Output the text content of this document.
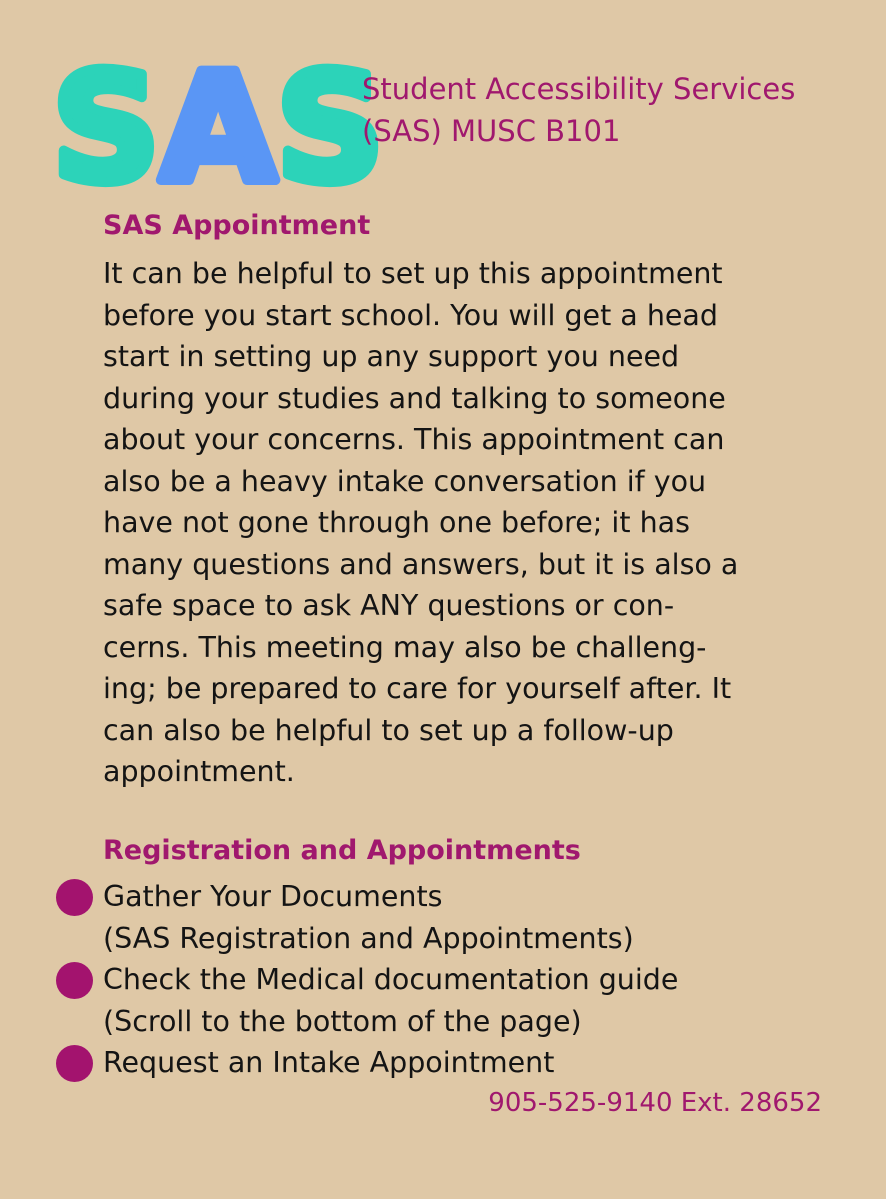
SAS
Student Accessibility Services
(SAS) MUSC B101
SAS Appointment
It can be helpful to set up this appointment
before you start school. You will get a head
start in setting up any support you need
during your studies and talking to someone
about your concerns. This appointment can
also be a heavy intake conversation if you
have not gone through one before; it has
many questions and answers, but it is also a
safe space to ask ANY questions or con-
cerns. This meeting may also be challeng-
ing; be prepared to care for yourself after. It
can also be helpful to set up a follow-up
appointment.
Registration and Appointments
Gather Your Documents
(SAS Registration and Appointments)
Check the Medical documentation guide
(Scroll to the bottom of the page)
Request an Intake Appointment
905-525-9140 Ext. 28652
